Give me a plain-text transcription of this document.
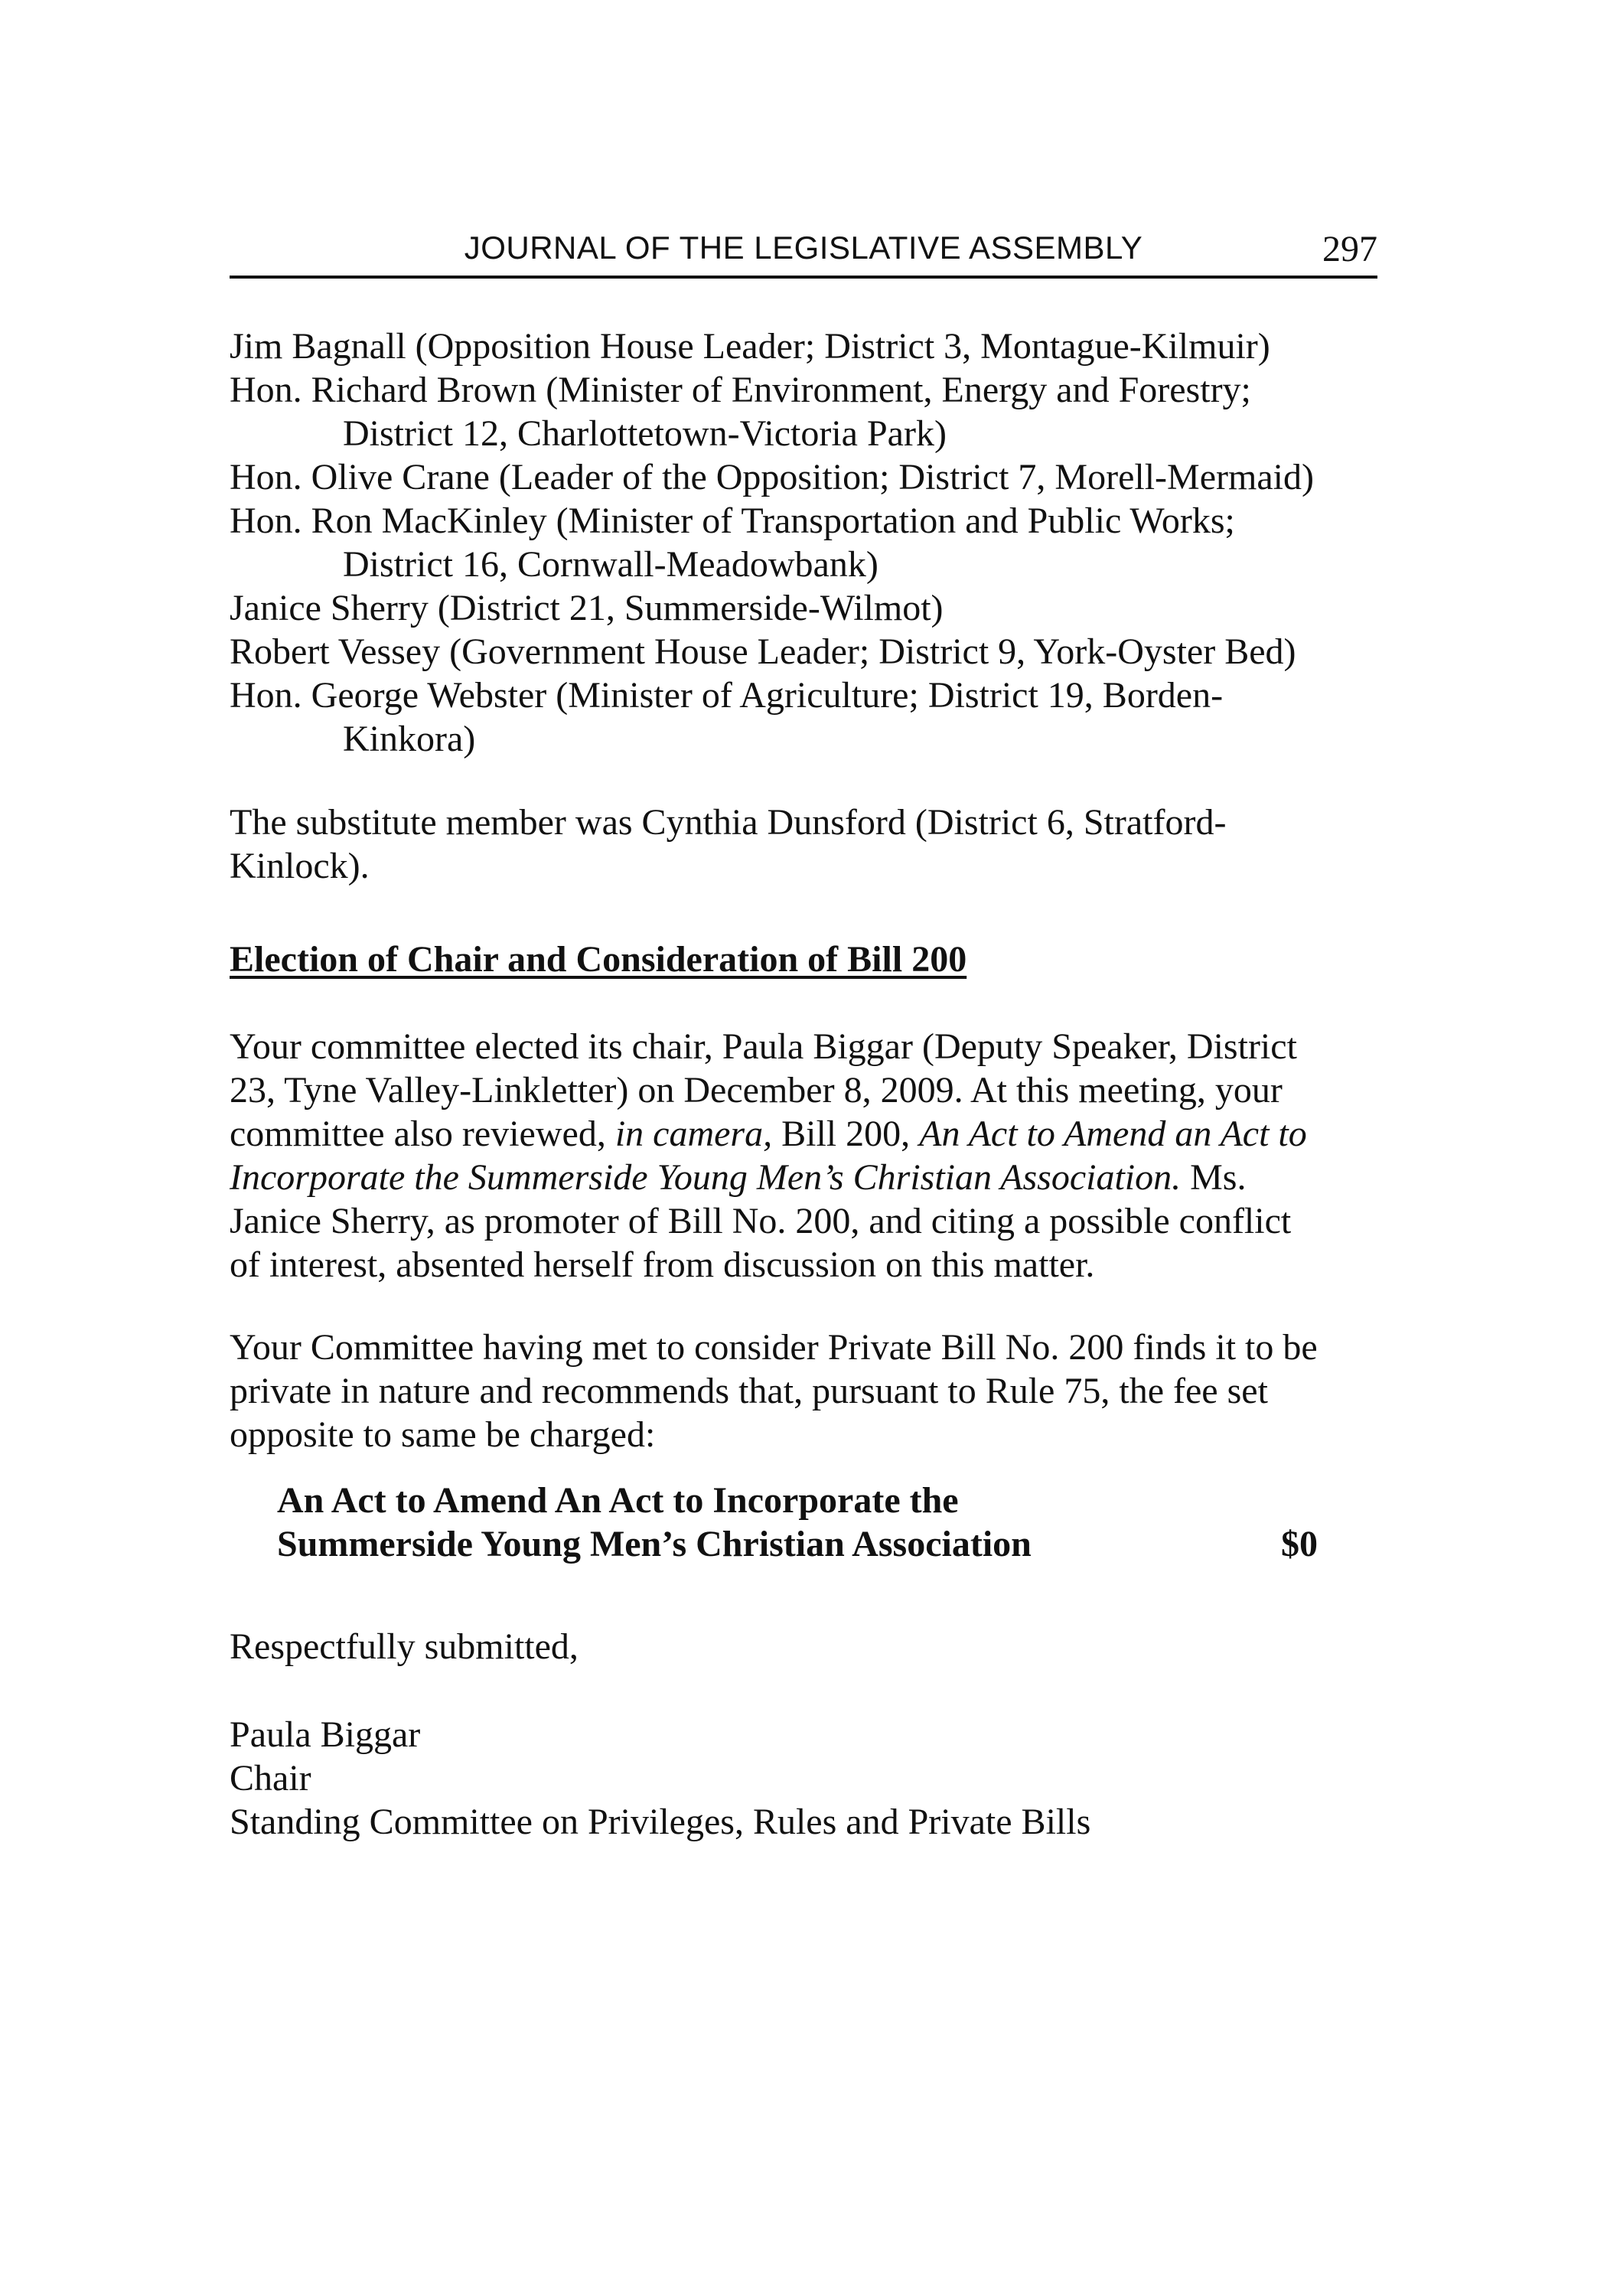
JOURNAL OF THE LEGISLATIVE ASSEMBLY	297
Jim Bagnall (Opposition House Leader; District 3, Montague-Kilmuir)
Hon. Richard Brown (Minister of Environment, Energy and Forestry;
District 12, Charlottetown-Victoria Park)
Hon. Olive Crane (Leader of the Opposition; District 7, Morell-Mermaid)
Hon. Ron MacKinley (Minister of Transportation and Public Works;
District 16, Cornwall-Meadowbank)
Janice Sherry (District 21, Summerside-Wilmot)
Robert Vessey (Government House Leader; District 9, York-Oyster Bed)
Hon. George Webster (Minister of Agriculture; District 19, Borden-
Kinkora)
The substitute member was Cynthia Dunsford (District 6, Stratford-
Kinlock).
Election of Chair and Consideration of Bill 200
Your committee elected its chair, Paula Biggar (Deputy Speaker, District
23, Tyne Valley-Linkletter) on December 8, 2009. At this meeting, your
committee also reviewed, in camera, Bill 200, An Act to Amend an Act to
Incorporate the Summerside Young Men’s Christian Association. Ms.
Janice Sherry, as promoter of Bill No. 200, and citing a possible conflict
of interest, absented herself from discussion on this matter.
Your Committee having met to consider Private Bill No. 200 finds it to be
private in nature and recommends that, pursuant to Rule 75, the fee set
opposite to same be charged:
An Act to Amend An Act to Incorporate the
Summerside Young Men’s Christian Association	$0
Respectfully submitted,
Paula Biggar
Chair
Standing Committee on Privileges, Rules and Private Bills
